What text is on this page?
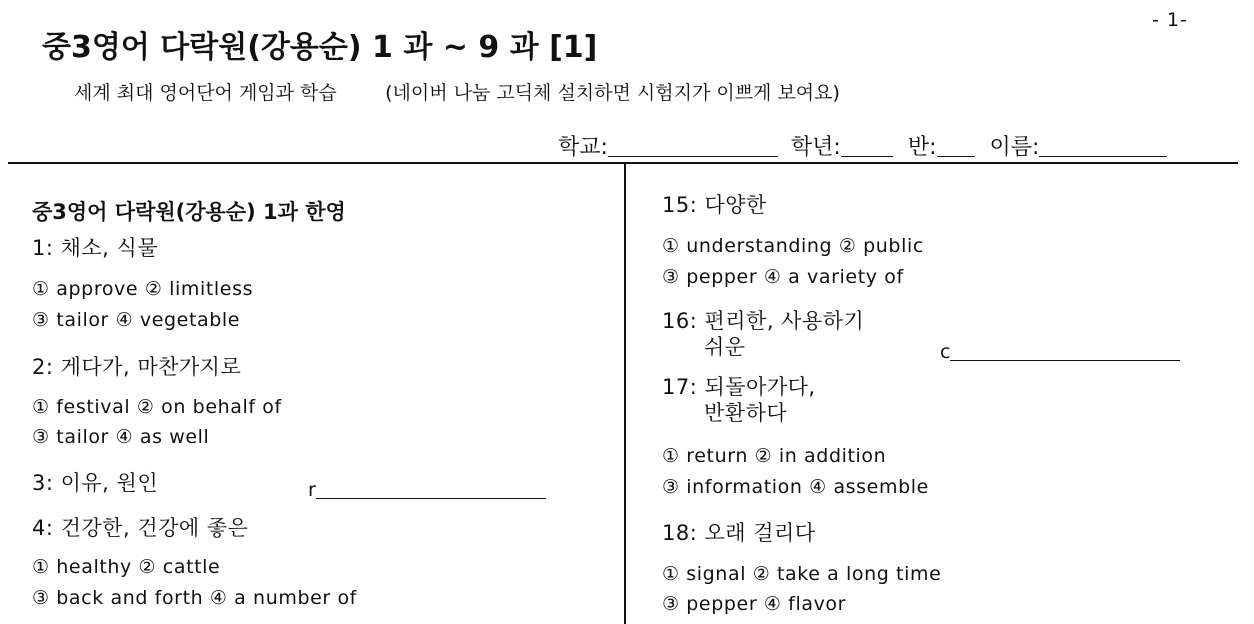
- 1-
중3영어 다락원(강용순) 1 과 ~ 9 과 [1]
세계 최대 영어단어 게임과 학습        (네이버 나눔 고딕체 설치하면 시험지가 이쁘게 보여요)
학교:	학년:	반: 이름:
중3영어 다락원(강용순) 1과 한영
1: 채소, 식물
① approve ② limitless
③ tailor ④ vegetable
2: 게다가, 마찬가지로
① festival ② on behalf of
③ tailor ④ as well
3: 이유, 원인	r
4: 건강한, 건강에 좋은
① healthy ② cattle
③ back and forth ④ a number of
15: 다양한
① understanding ② public
③ pepper ④ a variety of
16: 편리한, 사용하기
쉬운	c
17: 되돌아가다,
반환하다
① return ② in addition
③ information ④ assemble
18: 오래 걸리다
① signal ② take a long time
③ pepper ④ flavor
